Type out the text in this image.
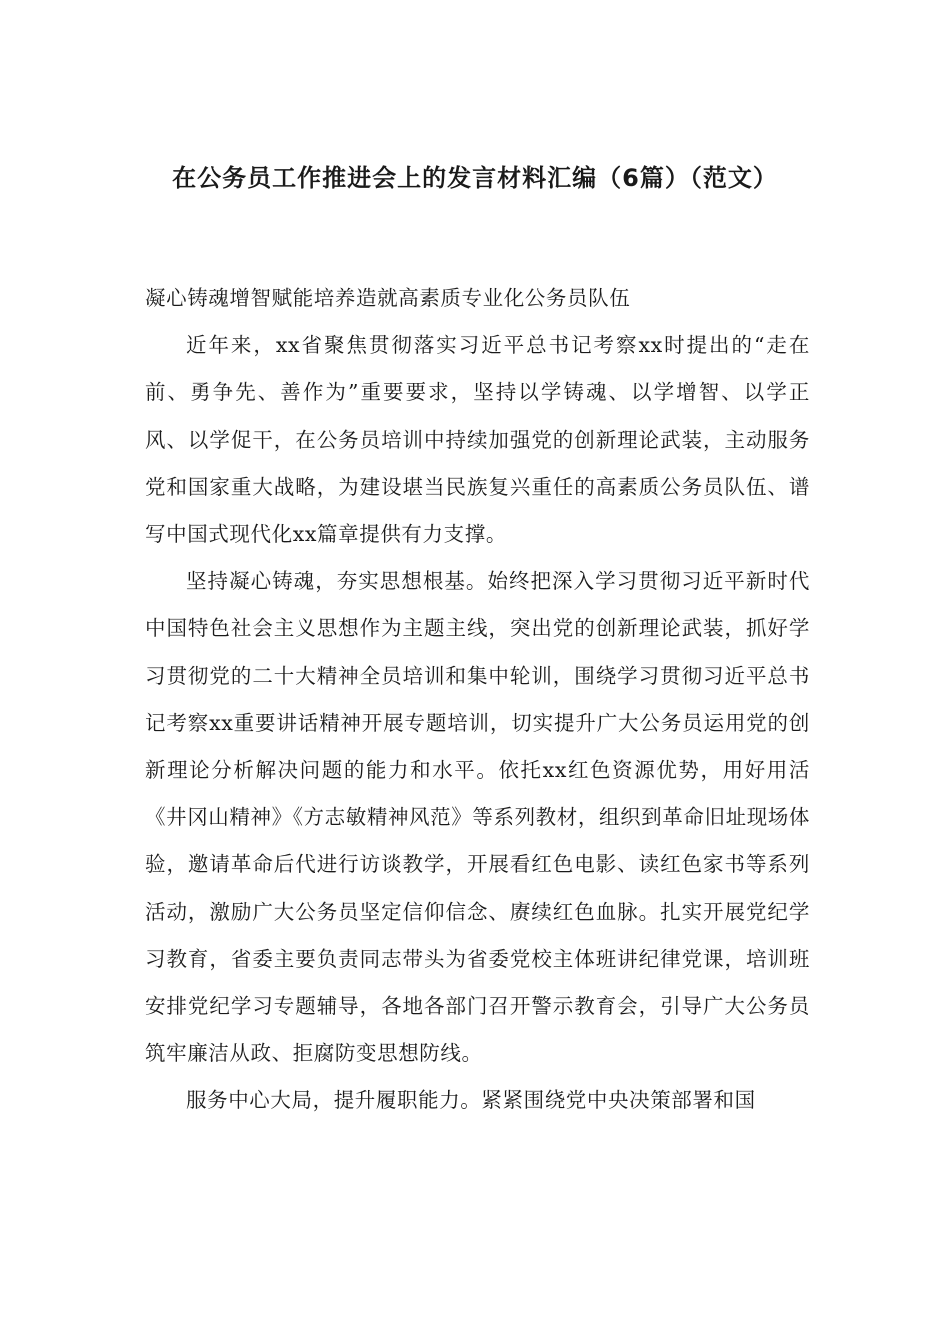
在公务员工作推进会上的发言材料汇编（6篇）（范文）

凝心铸魂增智赋能培养造就高素质专业化公务员队伍

近年来，xx省聚焦贯彻落实习近平总书记考察xx时提出的“走在前、勇争先、善作为”重要要求，坚持以学铸魂、以学增智、以学正风、以学促干，在公务员培训中持续加强党的创新理论武装，主动服务党和国家重大战略，为建设堪当民族复兴重任的高素质公务员队伍、谱写中国式现代化xx篇章提供有力支撑。

坚持凝心铸魂，夯实思想根基。始终把深入学习贯彻习近平新时代中国特色社会主义思想作为主题主线，突出党的创新理论武装，抓好学习贯彻党的二十大精神全员培训和集中轮训，围绕学习贯彻习近平总书记考察xx重要讲话精神开展专题培训，切实提升广大公务员运用党的创新理论分析解决问题的能力和水平。依托xx红色资源优势，用好用活《井冈山精神》《方志敏精神风范》等系列教材，组织到革命旧址现场体验，邀请革命后代进行访谈教学，开展看红色电影、读红色家书等系列活动，激励广大公务员坚定信仰信念、赓续红色血脉。扎实开展党纪学习教育，省委主要负责同志带头为省委党校主体班讲纪律党课，培训班安排党纪学习专题辅导，各地各部门召开警示教育会，引导广大公务员筑牢廉洁从政、拒腐防变思想防线。

服务中心大局，提升履职能力。紧紧围绕党中央决策部署和国
